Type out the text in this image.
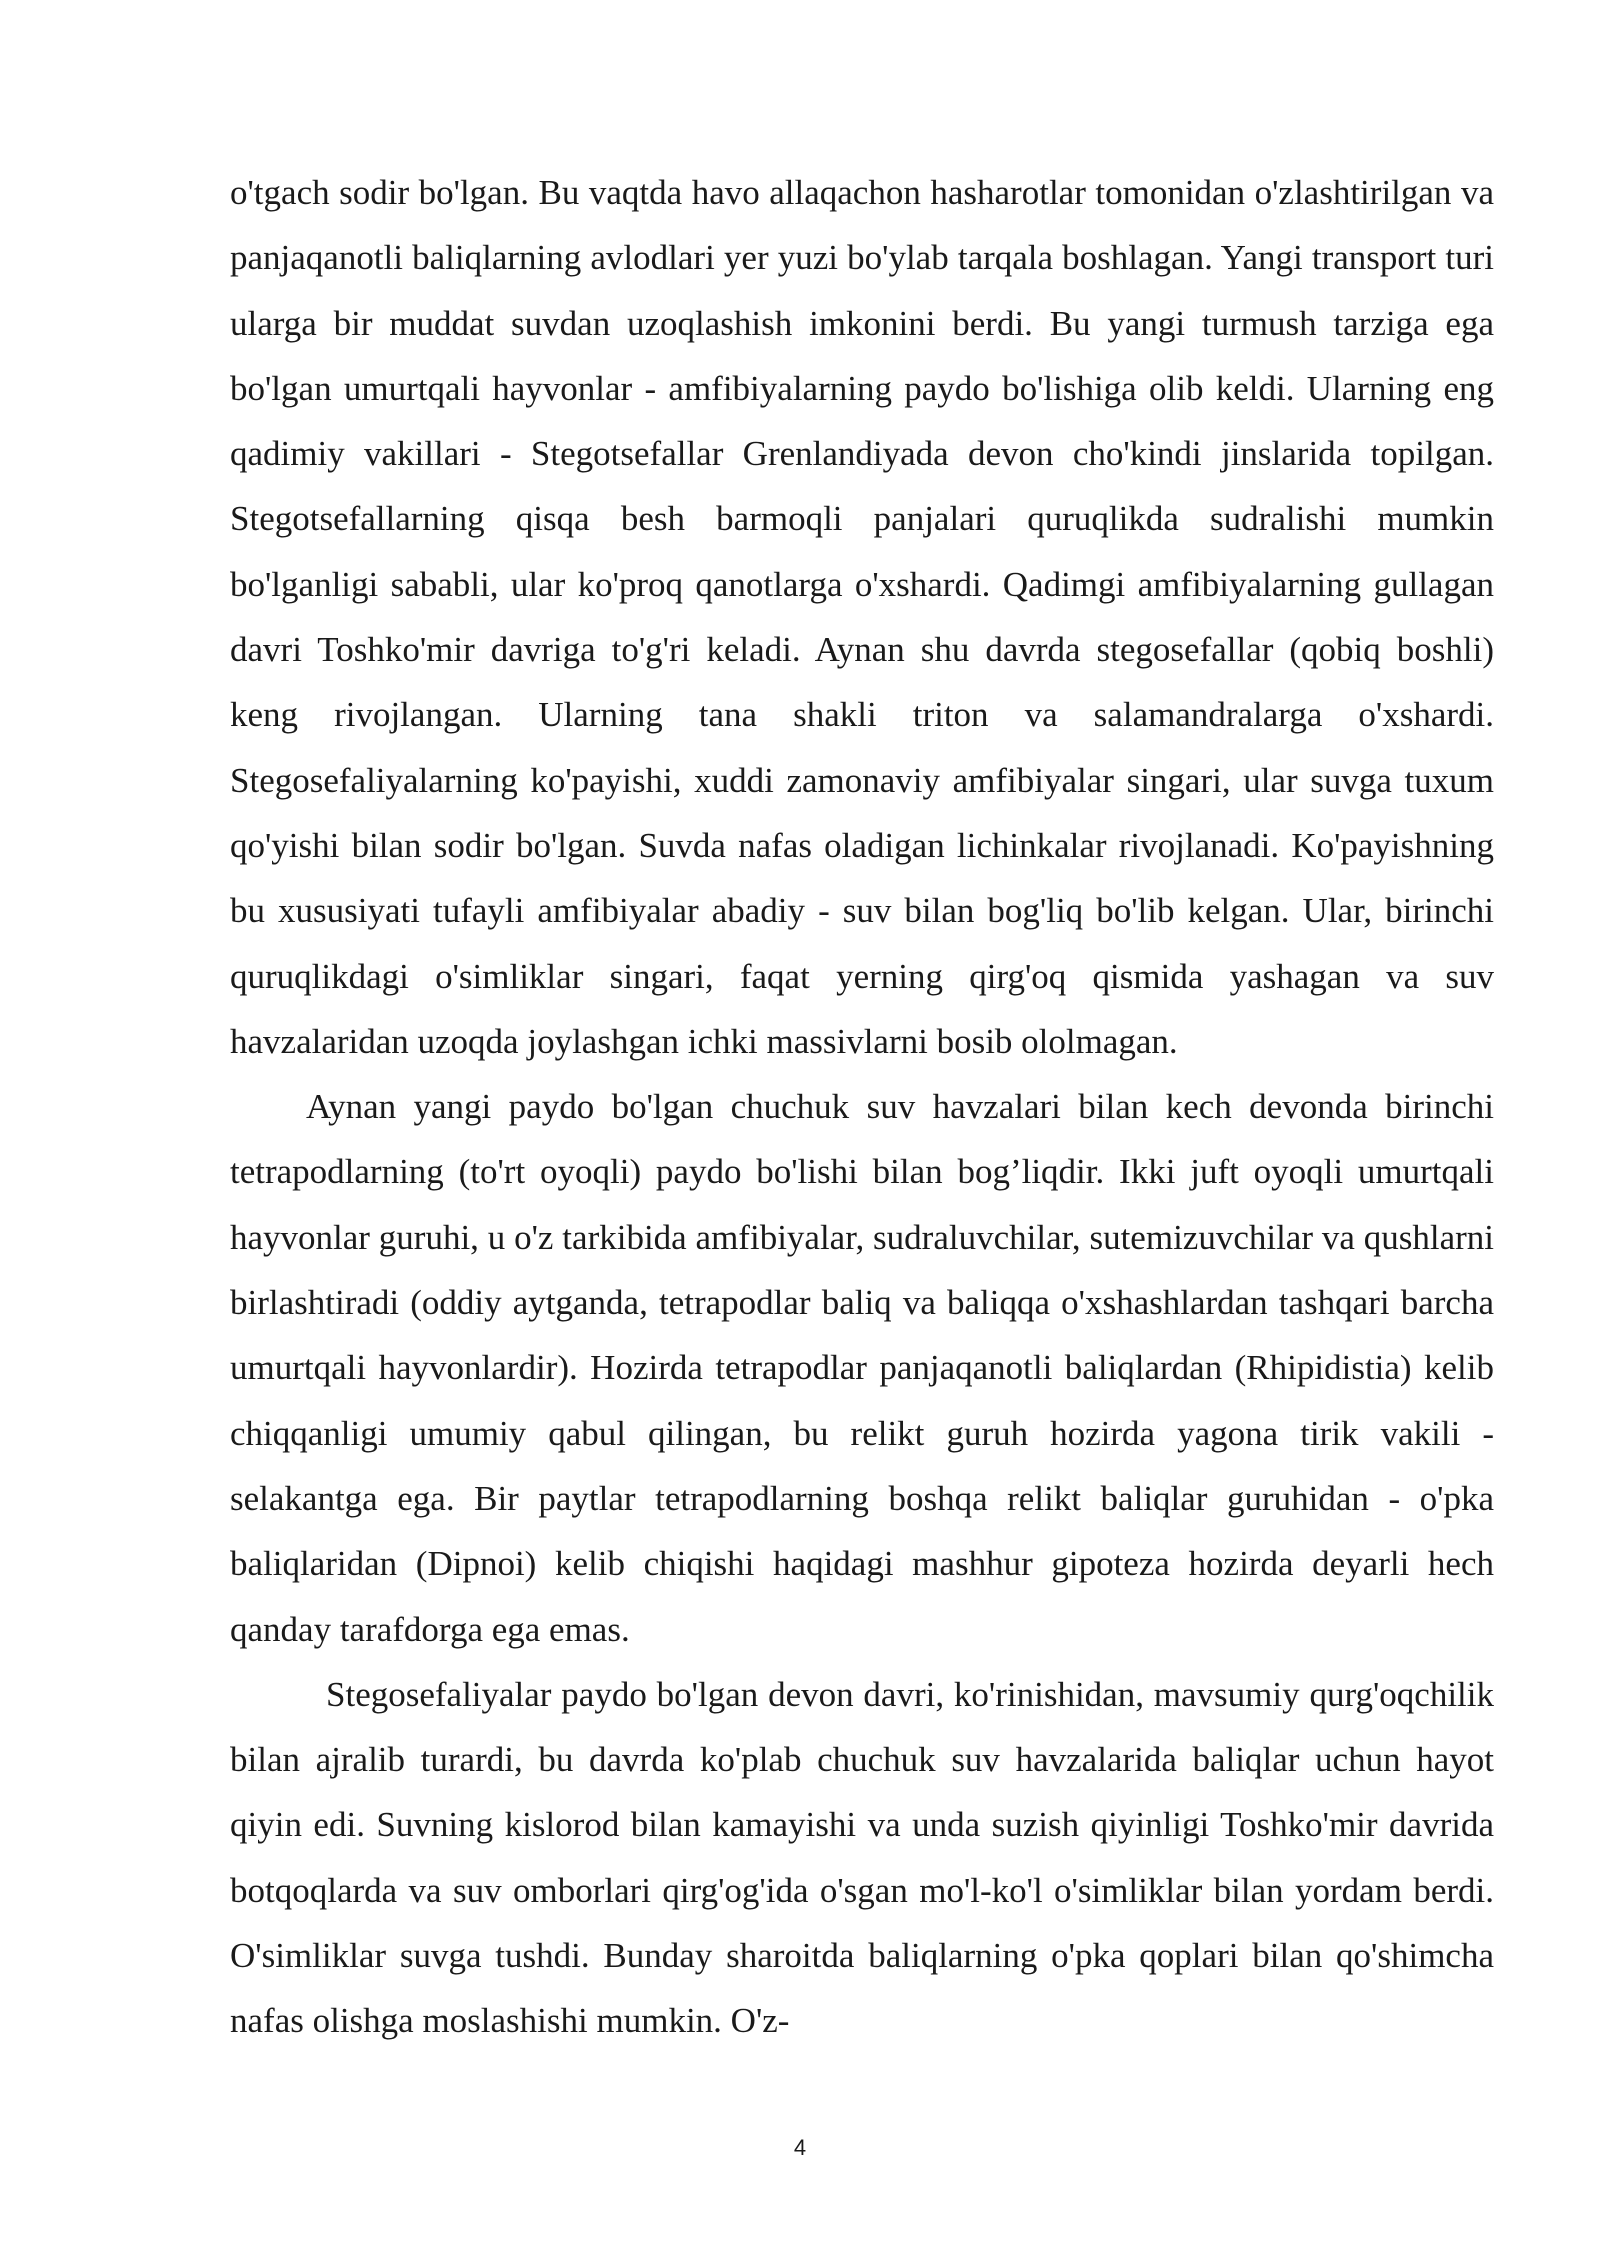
o'tgach sodir bo'lgan. Bu vaqtda havo allaqachon hasharotlar tomonidan o'zlashtirilgan va panjaqanotli baliqlarning avlodlari yer yuzi bo'ylab tarqala boshlagan. Yangi transport turi ularga bir muddat suvdan uzoqlashish imkonini berdi. Bu yangi turmush tarziga ega bo'lgan umurtqali hayvonlar - amfibiyalarning paydo bo'lishiga olib keldi. Ularning eng qadimiy vakillari - Stegotsefallar Grenlandiyada devon cho'kindi jinslarida topilgan. Stegotsefallarning qisqa besh barmoqli panjalari quruqlikda sudralishi mumkin bo'lganligi sababli, ular ko'proq qanotlarga o'xshardi. Qadimgi amfibiyalarning gullagan davri Toshko'mir davriga to'g'ri keladi. Aynan shu davrda stegosefallar (qobiq boshli) keng rivojlangan. Ularning tana shakli triton va salamandralarga o'xshardi. Stegosefaliyalarning ko'payishi, xuddi zamonaviy amfibiyalar singari, ular suvga tuxum qo'yishi bilan sodir bo'lgan. Suvda nafas oladigan lichinkalar rivojlanadi. Ko'payishning bu xususiyati tufayli amfibiyalar abadiy - suv bilan bog'liq bo'lib kelgan. Ular, birinchi quruqlikdagi o'simliklar singari, faqat yerning qirg'oq qismida yashagan va suv havzalaridan uzoqda joylashgan ichki massivlarni bosib ololmagan.

Aynan yangi paydo bo'lgan chuchuk suv havzalari bilan kech devonda birinchi tetrapodlarning (to'rt oyoqli) paydo bo'lishi bilan bog’liqdir. Ikki juft oyoqli umurtqali hayvonlar guruhi, u o'z tarkibida amfibiyalar, sudraluvchilar, sutemizuvchilar va qushlarni birlashtiradi (oddiy aytganda, tetrapodlar baliq va baliqqa o'xshashlardan tashqari barcha umurtqali hayvonlardir). Hozirda tetrapodlar panjaqanotli baliqlardan (Rhipidistia) kelib chiqqanligi umumiy qabul qilingan, bu relikt guruh hozirda yagona tirik vakili - selakantga ega. Bir paytlar tetrapodlarning boshqa relikt baliqlar guruhidan - o'pka baliqlaridan (Dipnoi) kelib chiqishi haqidagi mashhur gipoteza hozirda deyarli hech qanday tarafdorga ega emas.

Stegosefaliyalar paydo bo'lgan devon davri, ko'rinishidan, mavsumiy qurg'oqchilik bilan ajralib turardi, bu davrda ko'plab chuchuk suv havzalarida baliqlar uchun hayot qiyin edi. Suvning kislorod bilan kamayishi va unda suzish qiyinligi Toshko'mir davrida botqoqlarda va suv omborlari qirg'og'ida o'sgan mo'l-ko'l o'simliklar bilan yordam berdi. O'simliklar suvga tushdi. Bunday sharoitda baliqlarning o'pka qoplari bilan qo'shimcha nafas olishga moslashishi mumkin. O'z-

4
